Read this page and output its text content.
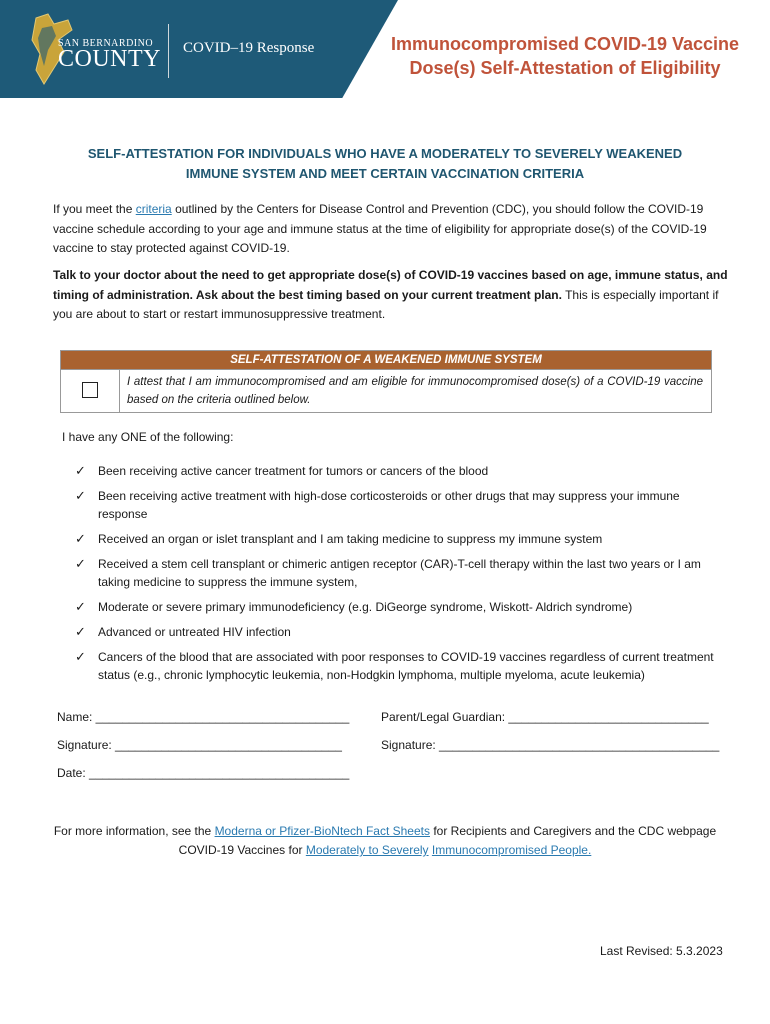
SAN BERNARDINO
COUNTY COVID–19 Response	Immunocompromised COVID-19 Vaccine
Dose(s) Self-Attestation of Eligibility
SELF-ATTESTATION FOR INDIVIDUALS WHO HAVE A MODERATELY TO SEVERELY WEAKENED
IMMUNE SYSTEM AND MEET CERTAIN VACCINATION CRITERIA
If you meet the criteria outlined by the Centers for Disease Control and Prevention (CDC), you should follow the COVID-19 vaccine schedule according to your age and immune status at the time of eligibility for appropriate dose(s) of the COVID-19 vaccine to stay protected against COVID-19.
Talk to your doctor about the need to get appropriate dose(s) of COVID-19 vaccines based on age, immune status, and timing of administration. Ask about the best timing based on your current treatment plan. This is especially important if you are about to start or restart immunosuppressive treatment.
SELF-ATTESTATION OF A WEAKENED IMMUNE SYSTEM
I attest that I am immunocompromised and am eligible for immunocompromised dose(s) of a COVID-19 vaccine based on the criteria outlined below.
I have any ONE of the following:
✓ Been receiving active cancer treatment for tumors or cancers of the blood
✓ Been receiving active treatment with high-dose corticosteroids or other drugs that may suppress your immune response
✓ Received an organ or islet transplant and I am taking medicine to suppress my immune system
✓ Received a stem cell transplant or chimeric antigen receptor (CAR)-T-cell therapy within the last two years or I am taking medicine to suppress the immune system,
✓ Moderate or severe primary immunodeficiency (e.g. DiGeorge syndrome, Wiskott- Aldrich syndrome)
✓ Advanced or untreated HIV infection
✓ Cancers of the blood that are associated with poor responses to COVID-19 vaccines regardless of current treatment status (e.g., chronic lymphocytic leukemia, non-Hodgkin lymphoma, multiple myeloma, acute leukemia)
Name: ______________________________________	Parent/Legal Guardian: ______________________________
Signature: __________________________________	Signature: __________________________________________
Date: _______________________________________
For more information, see the Moderna or Pfizer-BioNtech Fact Sheets for Recipients and Caregivers and the CDC webpage COVID-19 Vaccines for Moderately to Severely Immunocompromised People.
Last Revised: 5.3.2023
